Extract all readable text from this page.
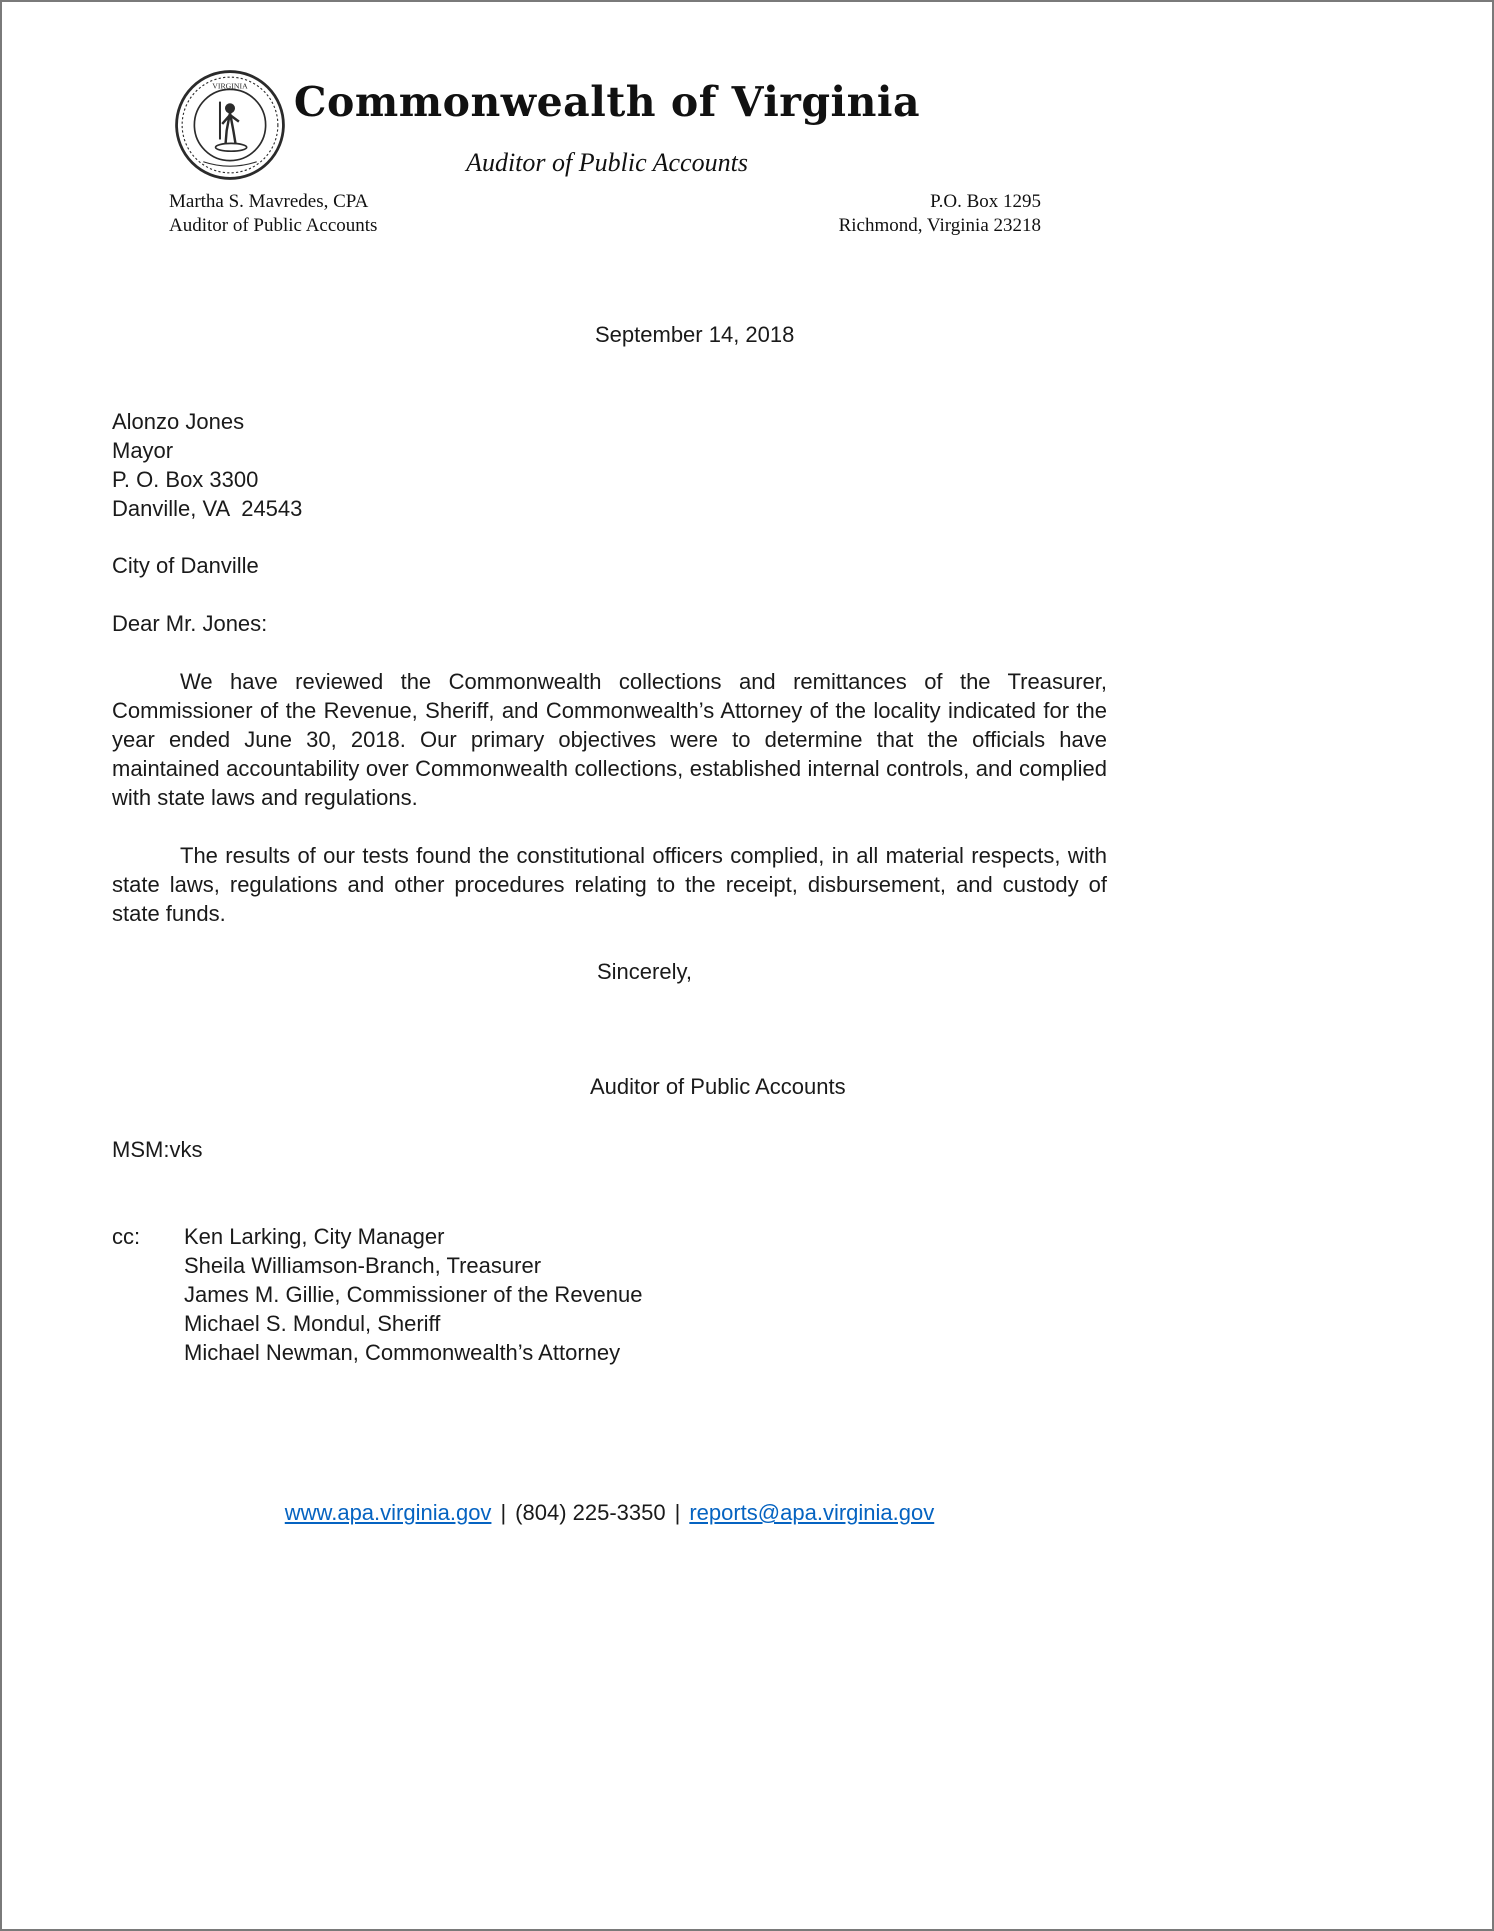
VIRGINIA	Commonwealth of Virginia
Auditor of Public Accounts
Martha S. Mavredes, CPA
Auditor of Public Accounts
P.O. Box 1295
Richmond, Virginia 23218
September 14, 2018
Alonzo Jones
Mayor
P. O. Box 3300
Danville, VA  24543
City of Danville
Dear Mr. Jones:

We have reviewed the Commonwealth collections and remittances of the Treasurer, Commissioner of the Revenue, Sheriff, and Commonwealth’s Attorney of the locality indicated for the year ended June 30, 2018. Our primary objectives were to determine that the officials have maintained accountability over Commonwealth collections, established internal controls, and complied with state laws and regulations.

The results of our tests found the constitutional officers complied, in all material respects, with state laws, regulations and other procedures relating to the receipt, disbursement, and custody of state funds.

Sincerely,
Auditor of Public Accounts
MSM:vks
cc:	Ken Larking, City Manager
Sheila Williamson-Branch, Treasurer
James M. Gillie, Commissioner of the Revenue
Michael S. Mondul, Sheriff
Michael Newman, Commonwealth’s Attorney
www.apa.virginia.gov | (804) 225-3350 | reports@apa.virginia.gov
